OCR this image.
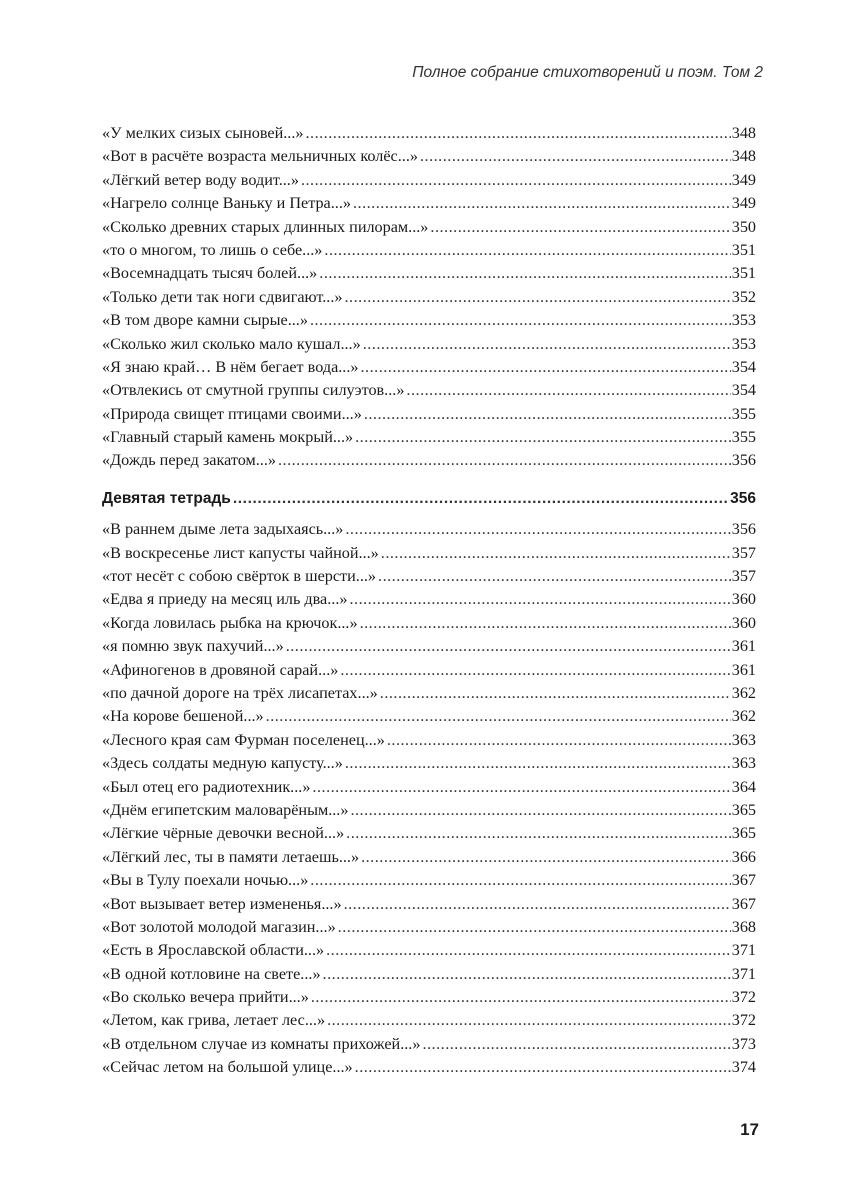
Полное собрание стихотворений и поэм. Том 2
«У мелких сизых сыновей...» .....	348
«Вот в расчёте возраста мельничных колёс...» .....	348
«Лёгкий ветер воду водит...» .....	349
«Нагрело солнце Ваньку и Петра...» .....	349
«Сколько древних старых длинных пилорам...» .....	350
«то о многом, то лишь о себе...» .....	351
«Восемнадцать тысяч болей...» .....	351
«Только дети так ноги сдвигают...» .....	352
«В том дворе камни сырые...» .....	353
«Сколько жил сколько мало кушал...» .....	353
«Я знаю край… В нём бегает вода...» .....	354
«Отвлекись от смутной группы силуэтов...» .....	354
«Природа свищет птицами своими...» .....	355
«Главный старый камень мокрый...» .....	355
«Дождь перед закатом...» .....	356
Девятая тетрадь .....	356
«В раннем дыме лета задыхаясь...» .....	356
«В воскресенье лист капусты чайной...» .....	357
«тот несёт с собою свёрток в шерсти...» .....	357
«Едва я приеду на месяц иль два...» .....	360
«Когда ловилась рыбка на крючок...» .....	360
«я помню звук пахучий...» .....	361
«Афиногенов в дровяной сарай...» .....	361
«по дачной дороге на трёх лисапетах...» .....	362
«На корове бешеной...» .....	362
«Лесного края сам Фурман поселенец...» .....	363
«Здесь солдаты медную капусту...» .....	363
«Был отец его радиотехник...» .....	364
«Днём египетским маловарёным...» .....	365
«Лёгкие чёрные девочки весной...» .....	365
«Лёгкий лес, ты в памяти летаешь...» .....	366
«Вы в Тулу поехали ночью...» .....	367
«Вот вызывает ветер измененья...» .....	367
«Вот золотой молодой магазин...» .....	368
«Есть в Ярославской области...» .....	371
«В одной котловине на свете...» .....	371
«Во сколько вечера прийти...» .....	372
«Летом, как грива, летает лес...» .....	372
«В отдельном случае из комнаты прихожей...» .....	373
«Сейчас летом на большой улице...» .....	374
17
